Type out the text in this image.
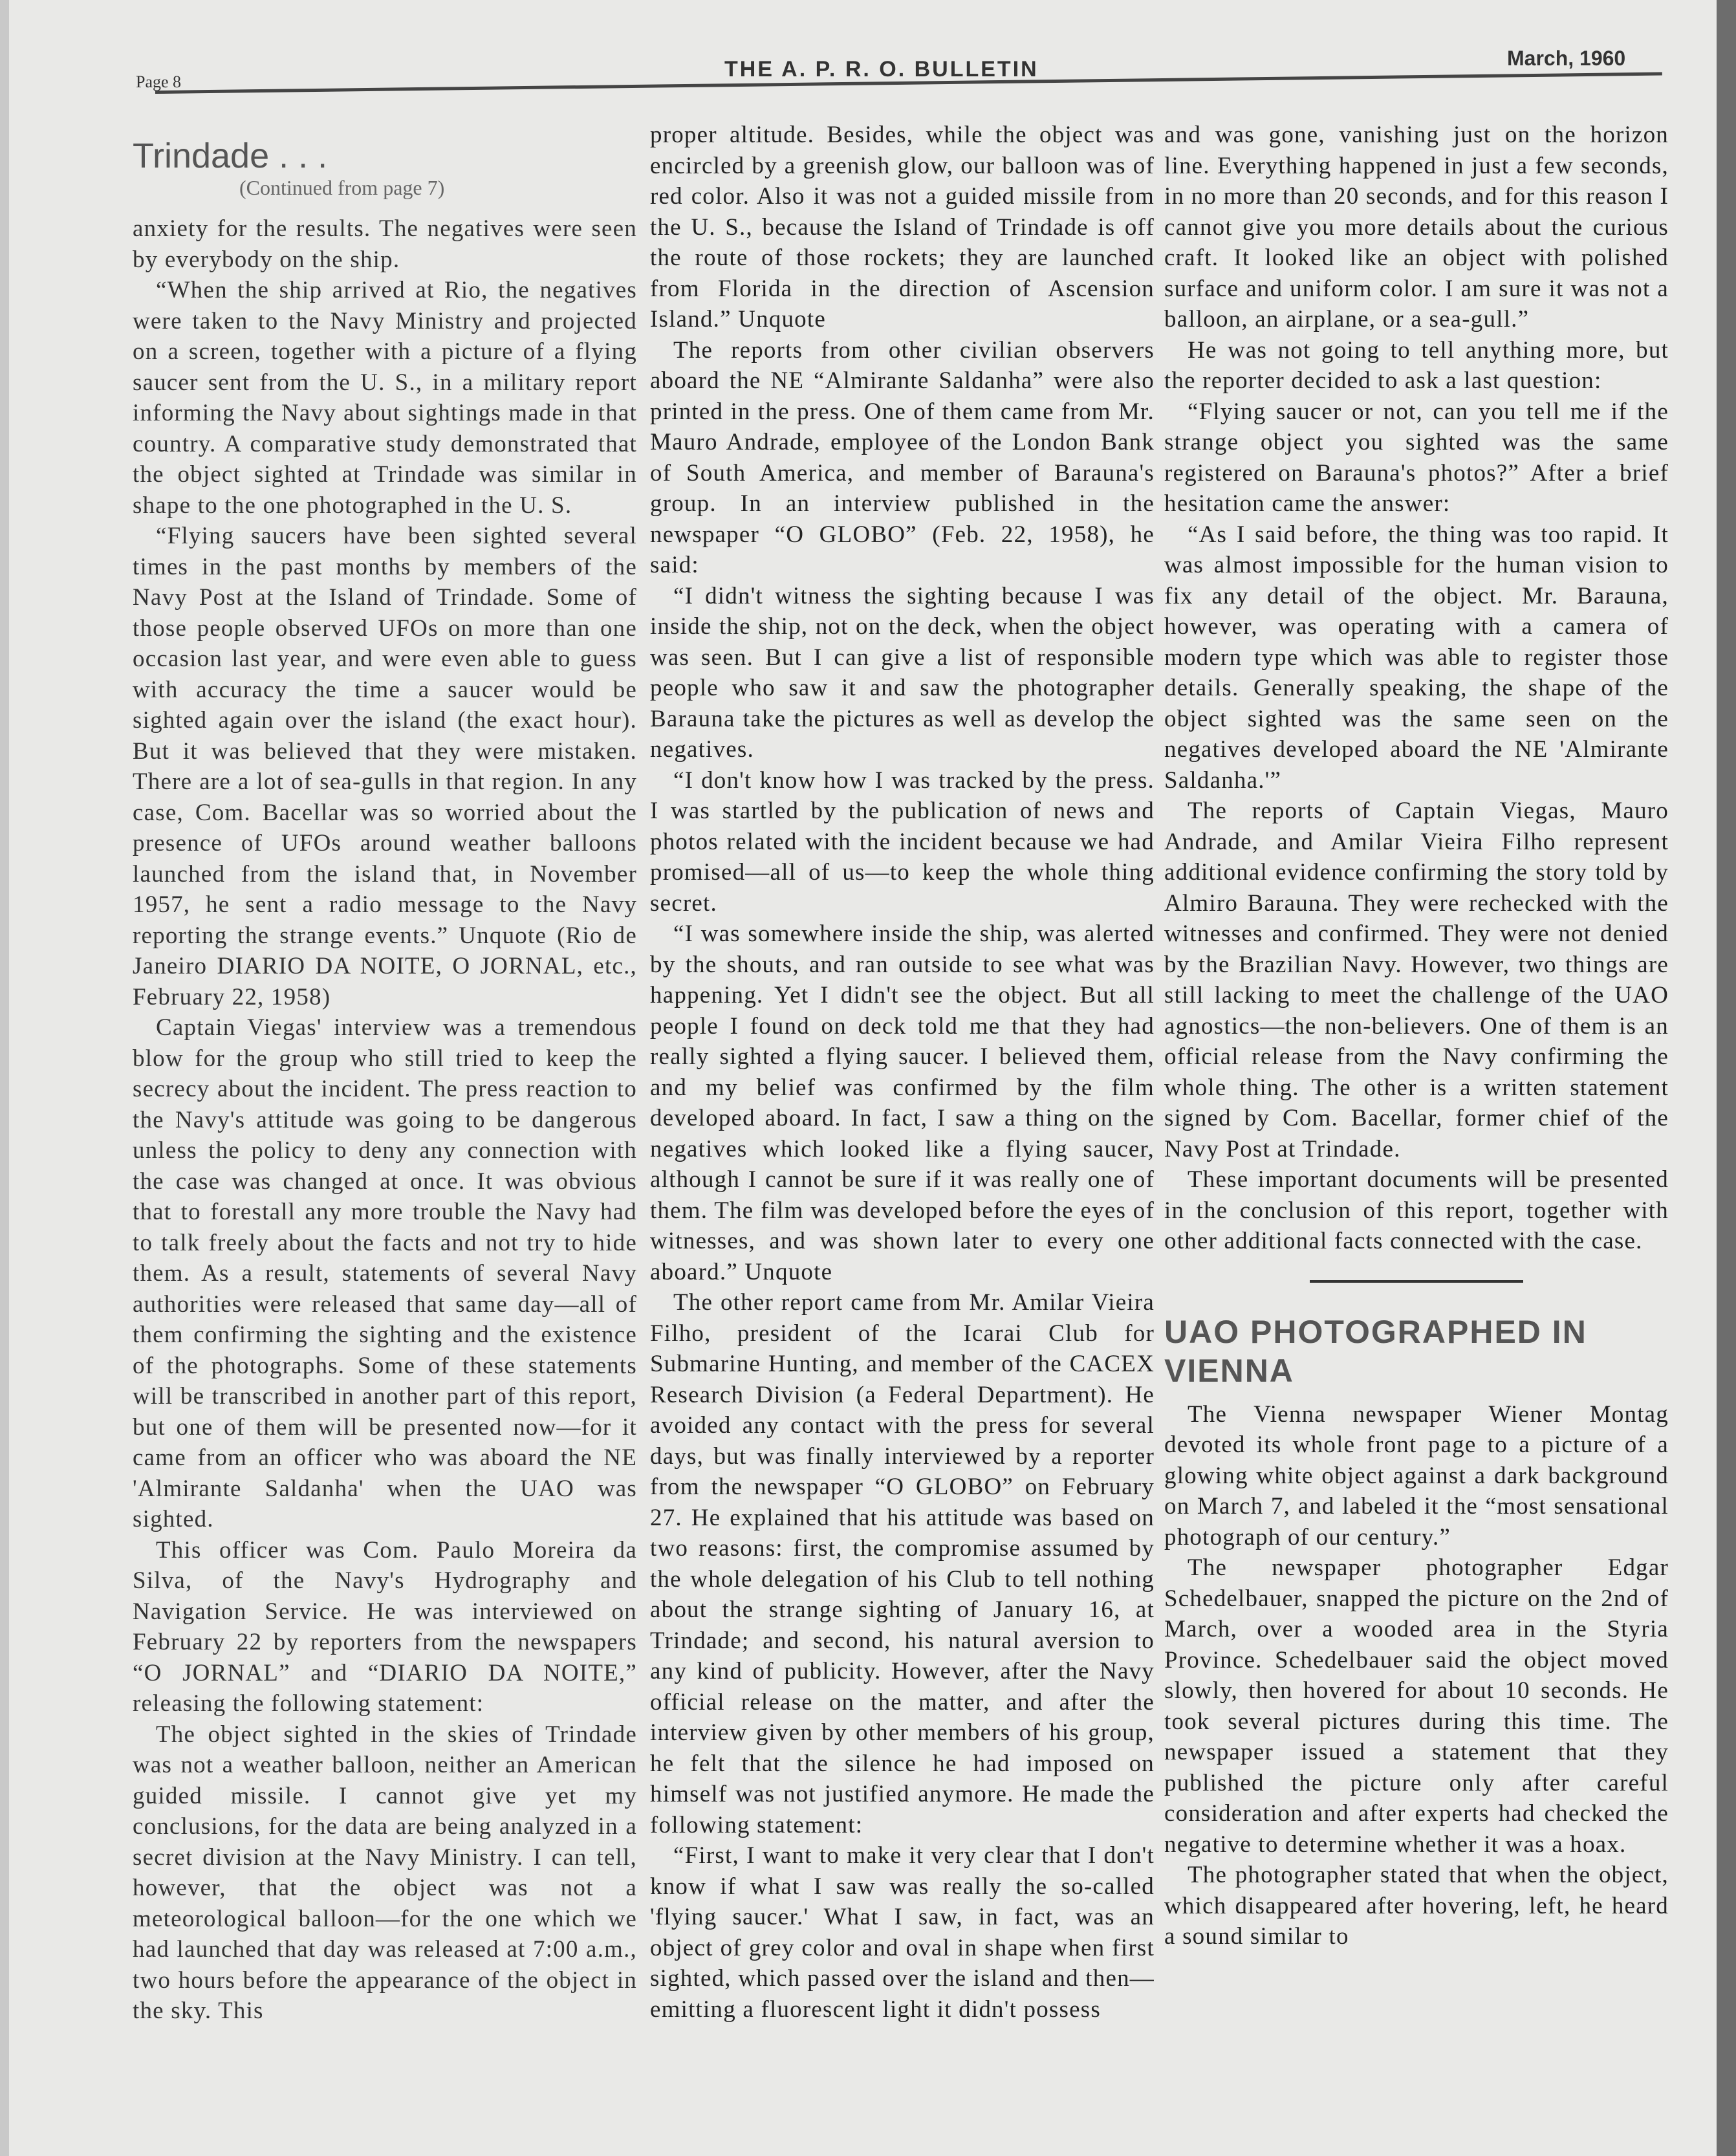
Page 8
THE A. P. R. O. BULLETIN	March, 1960
Trindade . . .
(Continued from page 7)

anxiety for the results. The negatives were seen by everybody on the ship.

“When the ship arrived at Rio, the negatives were taken to the Navy Ministry and projected on a screen, together with a picture of a flying saucer sent from the U. S., in a military report informing the Navy about sightings made in that country. A comparative study demonstrated that the object sighted at Trindade was similar in shape to the one photographed in the U. S.

“Flying saucers have been sighted several times in the past months by members of the Navy Post at the Island of Trindade. Some of those people observed UFOs on more than one occasion last year, and were even able to guess with accuracy the time a saucer would be sighted again over the island (the exact hour). But it was believed that they were mistaken. There are a lot of sea-gulls in that region. In any case, Com. Bacellar was so worried about the presence of UFOs around weather balloons launched from the island that, in November 1957, he sent a radio message to the Navy reporting the strange events.” Unquote (Rio de Janeiro DIARIO DA NOITE, O JORNAL, etc., February 22, 1958)

Captain Viegas' interview was a tremendous blow for the group who still tried to keep the secrecy about the incident. The press reaction to the Navy's attitude was going to be dangerous unless the policy to deny any connection with the case was changed at once. It was obvious that to forestall any more trouble the Navy had to talk freely about the facts and not try to hide them. As a result, statements of several Navy authorities were released that same day—all of them confirming the sighting and the existence of the photographs. Some of these statements will be transcribed in another part of this report, but one of them will be presented now—for it came from an officer who was aboard the NE 'Almirante Saldanha' when the UAO was sighted.

This officer was Com. Paulo Moreira da Silva, of the Navy's Hydrography and Navigation Service. He was interviewed on February 22 by reporters from the newspapers “O JORNAL” and “DIARIO DA NOITE,” releasing the following statement:

The object sighted in the skies of Trindade was not a weather balloon, neither an American guided missile. I cannot give yet my conclusions, for the data are being analyzed in a secret division at the Navy Ministry. I can tell, however, that the object was not a meteorological balloon—for the one which we had launched that day was released at 7:00 a.m., two hours before the appearance of the object in the sky. This

proper altitude. Besides, while the object was encircled by a greenish glow, our balloon was of red color. Also it was not a guided missile from the U. S., because the Island of Trindade is off the route of those rockets; they are launched from Florida in the direction of Ascension Island.” Unquote

The reports from other civilian observers aboard the NE “Almirante Saldanha” were also printed in the press. One of them came from Mr. Mauro Andrade, employee of the London Bank of South America, and member of Barauna's group. In an interview published in the newspaper “O GLOBO” (Feb. 22, 1958), he said:

“I didn't witness the sighting because I was inside the ship, not on the deck, when the object was seen. But I can give a list of responsible people who saw it and saw the photographer Barauna take the pictures as well as develop the negatives.

“I don't know how I was tracked by the press. I was startled by the publication of news and photos related with the incident because we had promised—all of us—to keep the whole thing secret.

“I was somewhere inside the ship, was alerted by the shouts, and ran outside to see what was happening. Yet I didn't see the object. But all people I found on deck told me that they had really sighted a flying saucer. I believed them, and my belief was confirmed by the film developed aboard. In fact, I saw a thing on the negatives which looked like a flying saucer, although I cannot be sure if it was really one of them. The film was developed before the eyes of witnesses, and was shown later to every one aboard.” Unquote

The other report came from Mr. Amilar Vieira Filho, president of the Icarai Club for Submarine Hunting, and member of the CACEX Research Division (a Federal Department). He avoided any contact with the press for several days, but was finally interviewed by a reporter from the newspaper “O GLOBO” on February 27. He explained that his attitude was based on two reasons: first, the compromise assumed by the whole delegation of his Club to tell nothing about the strange sighting of January 16, at Trindade; and second, his natural aversion to any kind of publicity. However, after the Navy official release on the matter, and after the interview given by other members of his group, he felt that the silence he had imposed on himself was not justified anymore. He made the following statement:

“First, I want to make it very clear that I don't know if what I saw was really the so-called 'flying saucer.' What I saw, in fact, was an object of grey color and oval in shape when first sighted, which passed over the island and then—emitting a fluorescent light it didn't possess

and was gone, vanishing just on the horizon line. Everything happened in just a few seconds, in no more than 20 seconds, and for this reason I cannot give you more details about the curious craft. It looked like an object with polished surface and uniform color. I am sure it was not a balloon, an airplane, or a sea-gull.”

He was not going to tell anything more, but the reporter decided to ask a last question:

“Flying saucer or not, can you tell me if the strange object you sighted was the same registered on Barauna's photos?” After a brief hesitation came the answer:

“As I said before, the thing was too rapid. It was almost impossible for the human vision to fix any detail of the object. Mr. Barauna, however, was operating with a camera of modern type which was able to register those details. Generally speaking, the shape of the object sighted was the same seen on the negatives developed aboard the NE 'Almirante Saldanha.'”

The reports of Captain Viegas, Mauro Andrade, and Amilar Vieira Filho represent additional evidence confirming the story told by Almiro Barauna. They were rechecked with the witnesses and confirmed. They were not denied by the Brazilian Navy. However, two things are still lacking to meet the challenge of the UAO agnostics—the non-believers. One of them is an official release from the Navy confirming the whole thing. The other is a written statement signed by Com. Bacellar, former chief of the Navy Post at Trindade.

These important documents will be presented in the conclusion of this report, together with other additional facts connected with the case.

UAO PHOTOGRAPHED IN VIENNA

The Vienna newspaper Wiener Montag devoted its whole front page to a picture of a glowing white object against a dark background on March 7, and labeled it the “most sensational photograph of our century.”

The newspaper photographer Edgar Schedelbauer, snapped the picture on the 2nd of March, over a wooded area in the Styria Province. Schedelbauer said the object moved slowly, then hovered for about 10 seconds. He took several pictures during this time. The newspaper issued a statement that they published the picture only after careful consideration and after experts had checked the negative to determine whether it was a hoax.

The photographer stated that when the object, which disappeared after hovering, left, he heard a sound similar to
